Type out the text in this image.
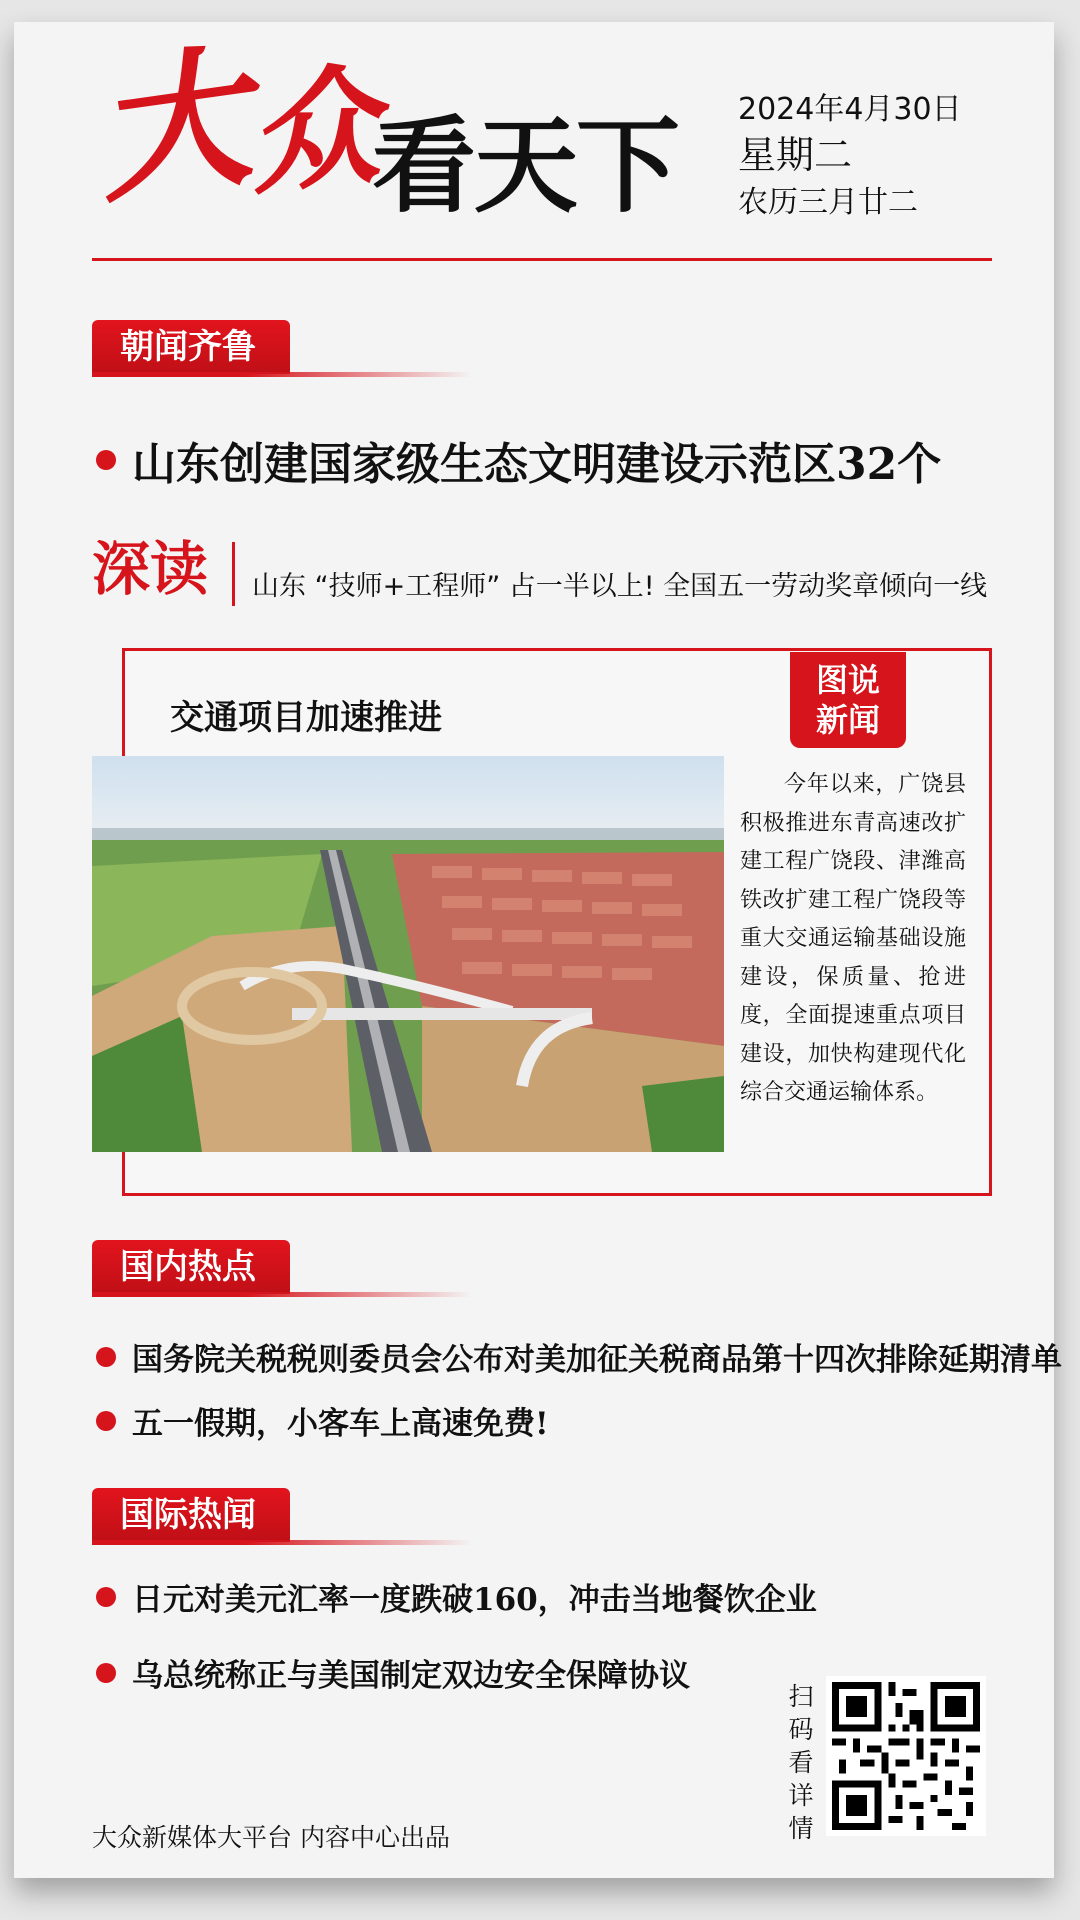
大
众
看天下 2024年4月30日
星期二
农历三月廿二
朝闻齐鲁
山东创建国家级生态文明建设示范区32个
深读 山东 “技师+工程师” 占一半以上! 全国五一劳动奖章倾向一线
交通项目加速推进
图说
新闻
今年以来，广饶县积极推进东青高速改扩建工程广饶段、津潍高铁改扩建工程广饶段等重大交通运输基础设施建设，保质量、抢进度，全面提速重点项目建设，加快构建现代化综合交通运输体系。
国内热点
国务院关税税则委员会公布对美加征关税商品第十四次排除延期清单
五一假期，小客车上高速免费!
国际热闻
日元对美元汇率一度跌破160，冲击当地餐饮企业
乌总统称正与美国制定双边安全保障协议
扫码看详情
大众新媒体大平台 内容中心出品
